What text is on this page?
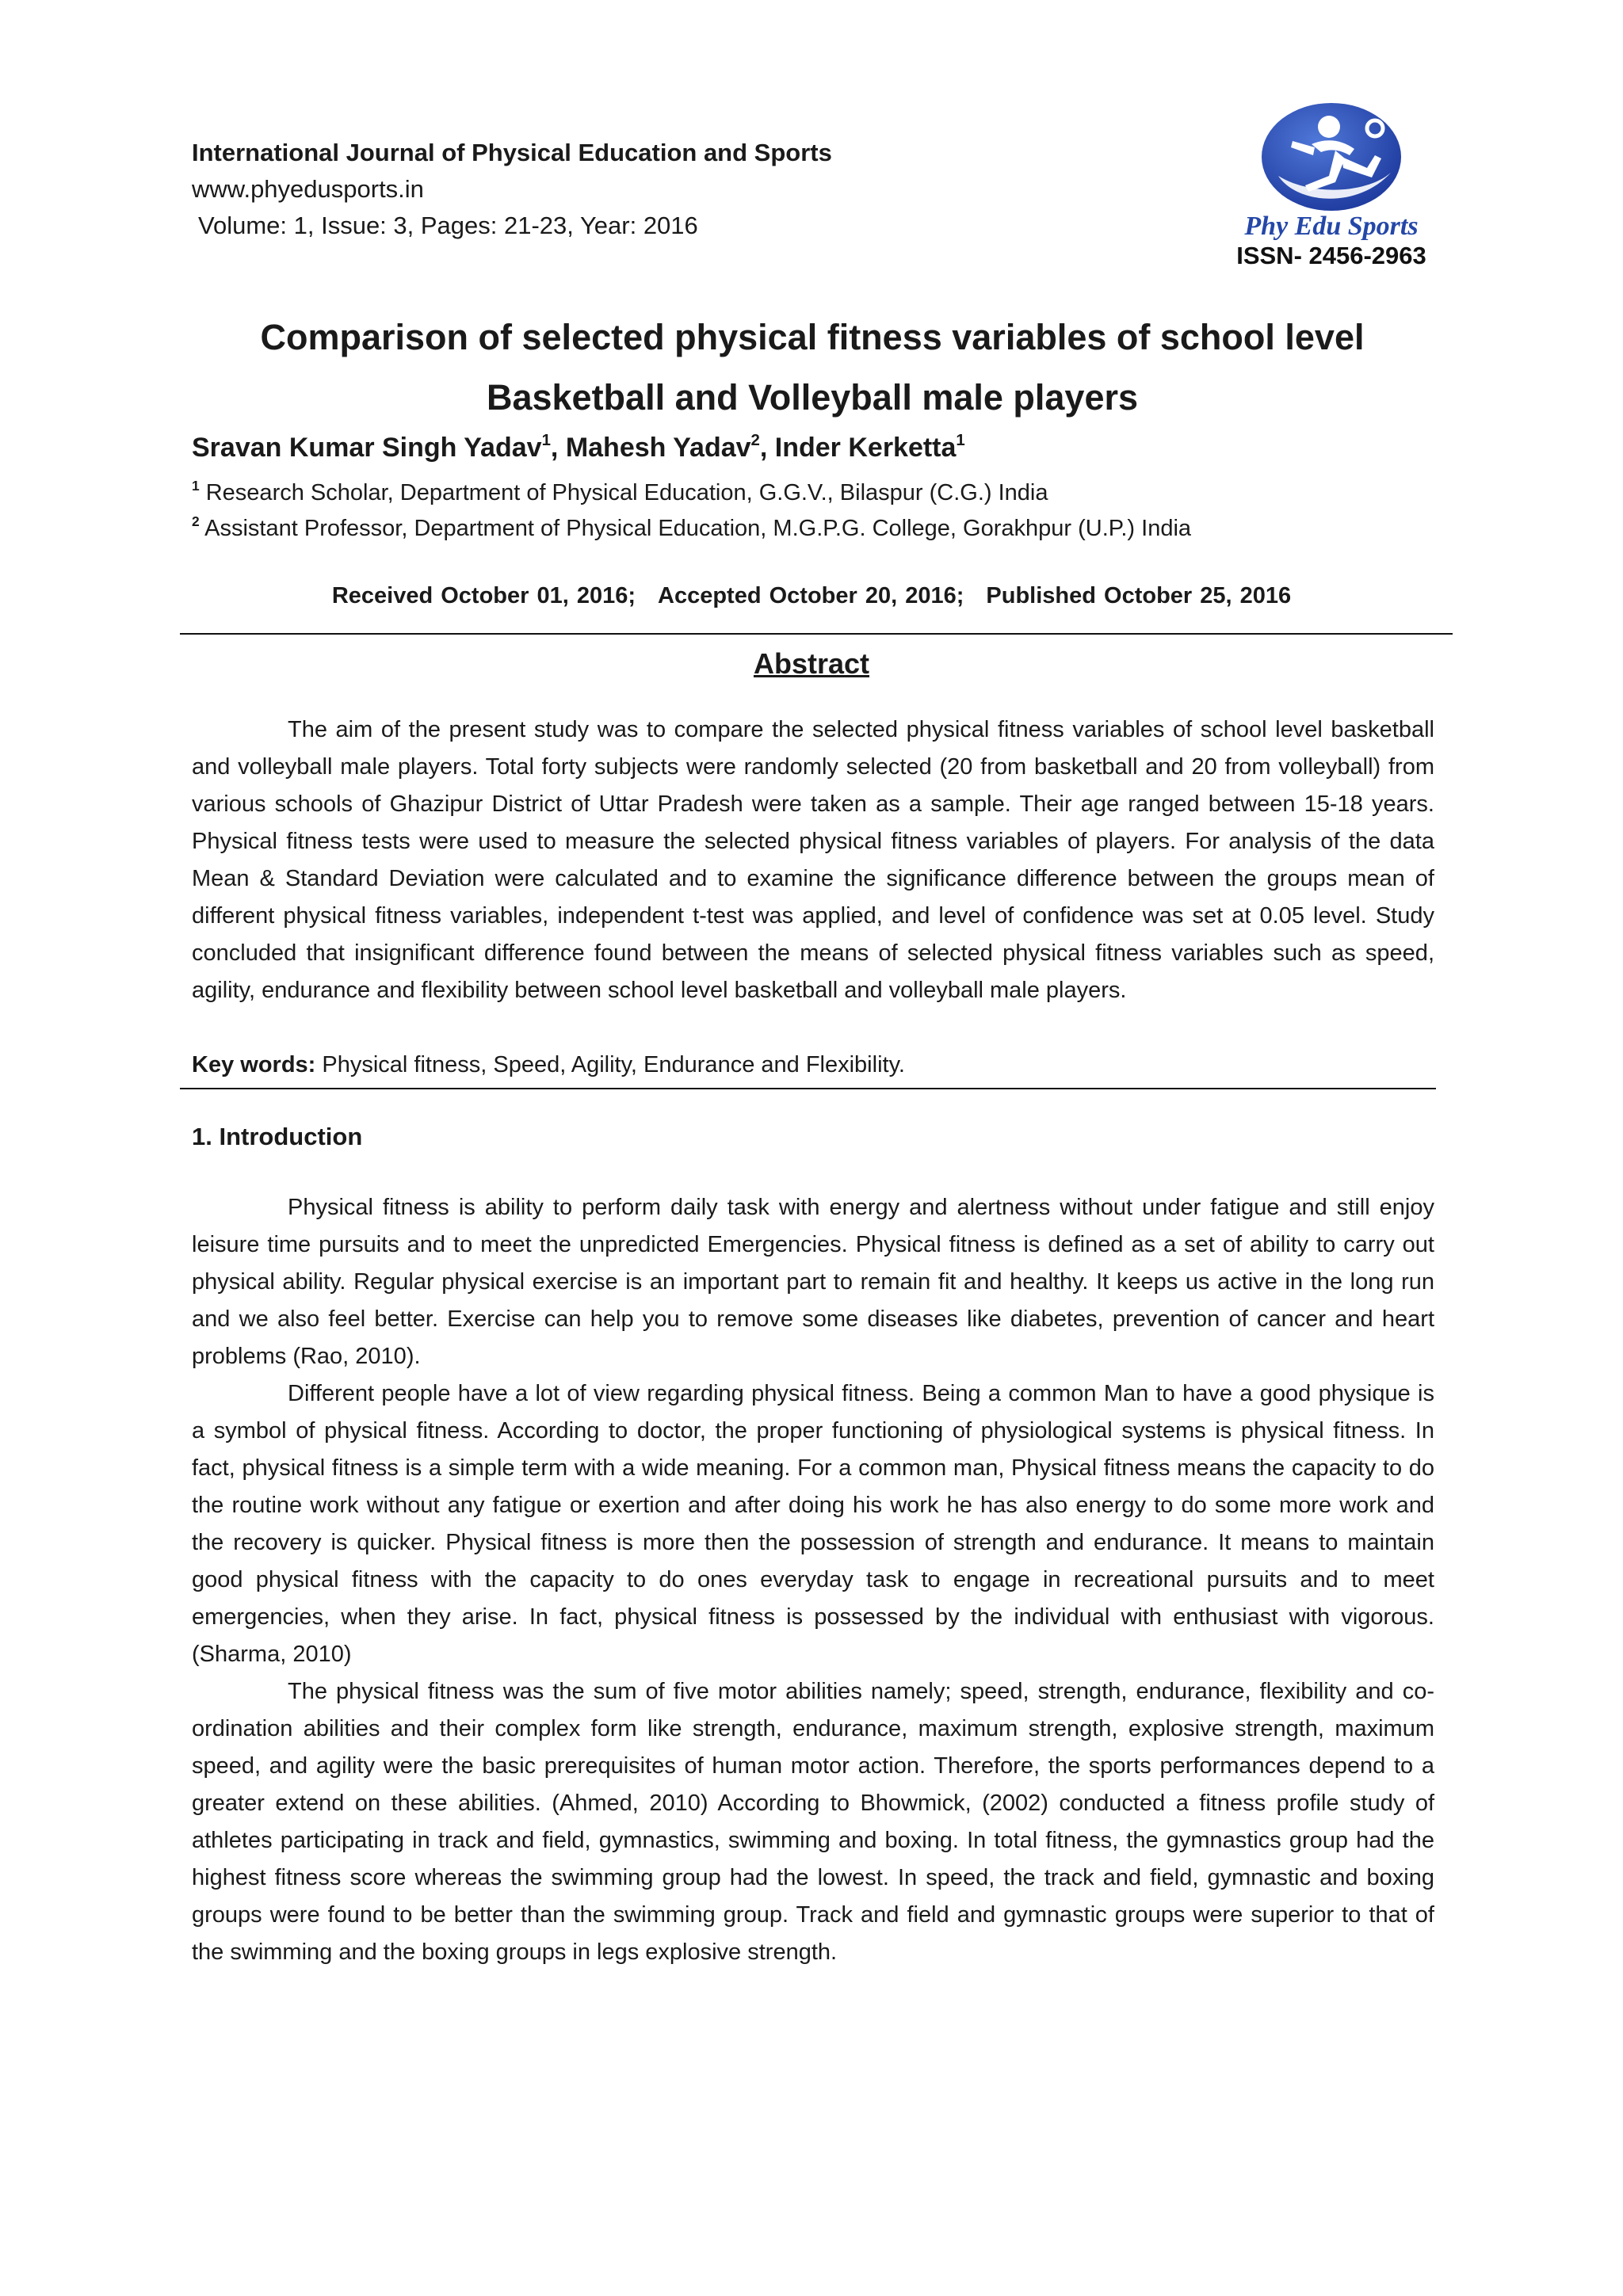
International Journal of Physical Education and Sports
www.phyedusports.in
Volume: 1, Issue: 3, Pages: 21-23, Year: 2016	Phy Edu Sports
ISSN- 2456-2963
Comparison of selected physical fitness variables of school level
Basketball and Volleyball male players
Sravan Kumar Singh Yadav$^1$, Mahesh Yadav$^2$, Inder Kerketta$^1$
$^1$ Research Scholar, Department of Physical Education, G.G.V., Bilaspur (C.G.) India
$^2$ Assistant Professor, Department of Physical Education, M.G.P.G. College, Gorakhpur (U.P.) India
Received October 01, 2016; Accepted October 20, 2016; Published October 25, 2016
Abstract

The aim of the present study was to compare the selected physical fitness variables of school level basketball and volleyball male players. Total forty subjects were randomly selected (20 from basketball and 20 from volleyball) from various schools of Ghazipur District of Uttar Pradesh were taken as a sample. Their age ranged between 15-18 years. Physical fitness tests were used to measure the selected physical fitness variables of players. For analysis of the data Mean & Standard Deviation were calculated and to examine the significance difference between the groups mean of different physical fitness variables, independent t-test was applied, and level of confidence was set at 0.05 level. Study concluded that insignificant difference found between the means of selected physical fitness variables such as speed, agility, endurance and flexibility between school level basketball and volleyball male players.

Key words: Physical fitness, Speed, Agility, Endurance and Flexibility.
1. Introduction

Physical fitness is ability to perform daily task with energy and alertness without under fatigue and still enjoy leisure time pursuits and to meet the unpredicted Emergencies. Physical fitness is defined as a set of ability to carry out physical ability. Regular physical exercise is an important part to remain fit and healthy. It keeps us active in the long run and we also feel better. Exercise can help you to remove some diseases like diabetes, prevention of cancer and heart problems (Rao, 2010).

Different people have a lot of view regarding physical fitness. Being a common Man to have a good physique is a symbol of physical fitness. According to doctor, the proper functioning of physiological systems is physical fitness. In fact, physical fitness is a simple term with a wide meaning. For a common man, Physical fitness means the capacity to do the routine work without any fatigue or exertion and after doing his work he has also energy to do some more work and the recovery is quicker. Physical fitness is more then the possession of strength and endurance. It means to maintain good physical fitness with the capacity to do ones everyday task to engage in recreational pursuits and to meet emergencies, when they arise. In fact, physical fitness is possessed by the individual with enthusiast with vigorous. (Sharma, 2010)

The physical fitness was the sum of five motor abilities namely; speed, strength, endurance, flexibility and co-ordination abilities and their complex form like strength, endurance, maximum strength, explosive strength, maximum speed, and agility were the basic prerequisites of human motor action. Therefore, the sports performances depend to a greater extend on these abilities. (Ahmed, 2010) According to Bhowmick, (2002) conducted a fitness profile study of athletes participating in track and field, gymnastics, swimming and boxing. In total fitness, the gymnastics group had the highest fitness score whereas the swimming group had the lowest. In speed, the track and field, gymnastic and boxing groups were found to be better than the swimming group. Track and field and gymnastic groups were superior to that of the swimming and the boxing groups in legs explosive strength.
